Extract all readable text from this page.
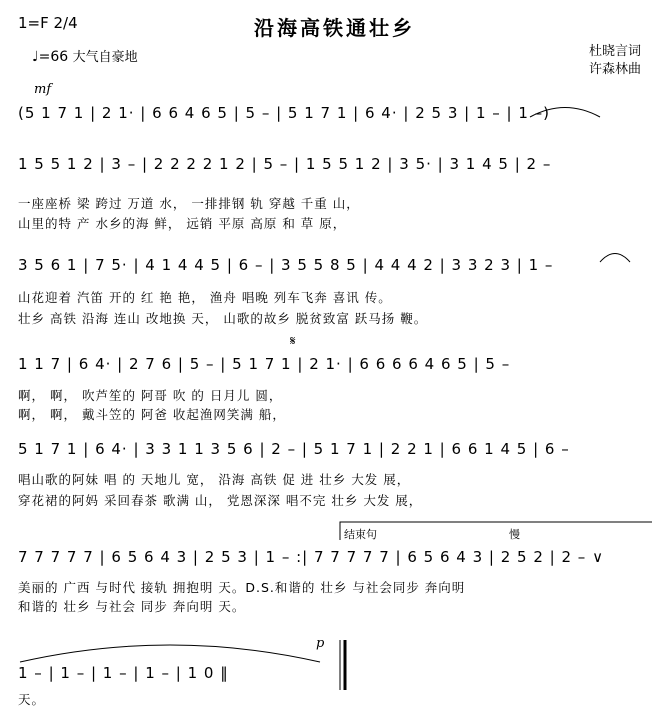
1=F 2/4
♩=66 大气自豪地
沿海高铁通壮乡
杜晓言词
许森林曲
mf
𝄋
结束句	慢
p
(5 1 7 1 | 2 1· | 6 6 4 6 5 | 5 – | 5 1 7 1 | 6 4· | 2 5 3 | 1 – | 1 –)
1 5 5 1 2 | 3 – | 2 2 2 2 1 2 | 5 – | 1 5 5 1 2 | 3 5· | 3 1 4 5 | 2 –
一座座桥 梁 跨过 万道 水， 一排排钢 轨 穿越 千重 山，
山里的特 产 水乡的海 鲜， 远销 平原 高原 和 草 原，
3 5 6 1 | 7 5· | 4 1 4 4 5 | 6 – | 3 5 5 8 5 | 4 4 4 2 | 3 3 2 3 | 1 –
山花迎着 汽笛 开的 红 艳 艳， 渔舟 唱晚 列车飞奔 喜讯 传。
壮乡 高铁 沿海 连山 改地换 天， 山歌的故乡 脱贫致富 跃马扬 鞭。
1 1 7 | 6 4· | 2 7 6 | 5 – | 5 1 7 1 | 2 1· | 6 6 6 6 4 6 5 | 5 –
啊， 啊， 吹芦笙的 阿哥 吹 的 日月儿 圆，
啊， 啊， 戴斗笠的 阿爸 收起渔网笑满 船，
5 1 7 1 | 6 4· | 3 3 1 1 3 5 6 | 2 – | 5 1 7 1 | 2 2 1 | 6 6 1 4 5 | 6 –
唱山歌的阿妹 唱 的 天地儿 宽， 沿海 高铁 促 进 壮乡 大发 展，
穿花裙的阿妈 采回春茶 歌满 山， 党恩深深 唱不完 壮乡 大发 展，
7 7 7 7 7 | 6 5 6 4 3 | 2 5 3 | 1 – :| 7 7 7 7 7 | 6 5 6 4 3 | 2 5 2 | 2 – ∨
美丽的 广西 与时代 接轨 拥抱明 天。D.S.和谐的 壮乡 与社会同步 奔向明
和谐的 壮乡 与社会 同步 奔向明 天。
1 – | 1 – | 1 – | 1 – | 1 0 ‖
天。
